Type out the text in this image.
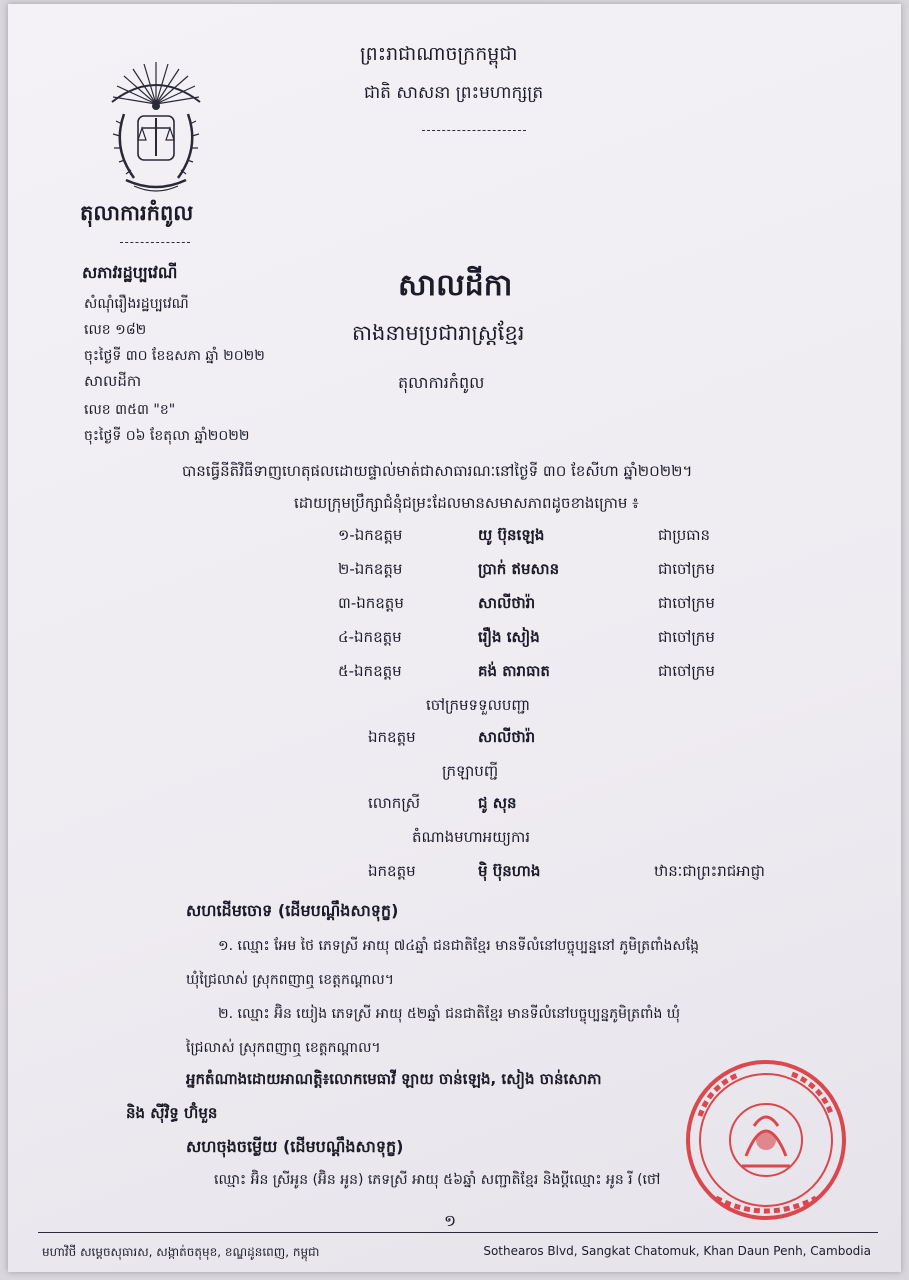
តុលាការកំពូល
ព្រះរាជាណាចក្រកម្ពុជា
ជាតិ សាសនា ព្រះមហាក្សត្រ
សភាវរដ្ឋប្បវេណី
សំណុំរឿងរដ្ឋប្បវេណី
លេខ ១៨២
ចុះថ្ងៃទី ៣០ ខែឧសភា ឆ្នាំ ២០២២
សាលដីកា
លេខ ៣៥៣ "ខ"
ចុះថ្ងៃទី ០៦ ខែតុលា ឆ្នាំ២០២២
សាលដីកា
តាងនាមប្រជារាស្ត្រខ្មែរ
តុលាការកំពូល
បានធ្វើនីតិវិធីទាញហេតុផលដោយផ្ទាល់មាត់ជាសាធារណៈនៅថ្ងៃទី ៣០ ខែសីហា ឆ្នាំ២០២២។
ដោយក្រុមប្រឹក្សាជំនុំជម្រះដែលមានសមាសភាពដូចខាងក្រោម ៖
១-ឯកឧត្តម	យូ ប៊ុនឡេង	ជាប្រធាន
២-ឯកឧត្តម	ប្រាក់ ឥមសាន	ជាចៅក្រម
៣-ឯកឧត្តម	សាលីថារ៉ា	ជាចៅក្រម
៤-ឯកឧត្តម	រឿង សៀង	ជាចៅក្រម
៥-ឯកឧត្តម	គង់ តារាធាត	ជាចៅក្រម
ចៅក្រមទទួលបញ្ជា
ឯកឧត្តម	សាលីថារ៉ា
ក្រឡាបញ្ជី
លោកស្រី	ជូ សុន
តំណាងមហាអយ្យការ
ឯកឧត្តម	ម៉ិ ប៊ុនហាង	ឋានៈជាព្រះរាជអាជ្ញា
សហដើមចោទ (ដើមបណ្តឹងសាទុក្ខ)
១. ឈ្មោះ អែម ថៃ ភេទស្រី អាយុ ៧៤ឆ្នាំ ជនជាតិខ្មែរ មានទីលំនៅបច្ចុប្បន្ននៅ ភូមិត្រពាំងសង្កែ
ឃុំជ្រៃលាស់ ស្រុកពញាឮ ខេត្តកណ្តាល។
២. ឈ្មោះ អ៊ិន យៀង ភេទស្រី អាយុ ៥២ឆ្នាំ ជនជាតិខ្មែរ មានទីលំនៅបច្ចុប្បន្នភូមិត្រពាំង ឃុំ
ជ្រៃលាស់ ស្រុកពញាឮ ខេត្តកណ្តាល។
អ្នកតំណាងដោយអាណត្តិ៖លោកមេធាវី ឡាយ ចាន់ឡេង, សៀង ចាន់សោភា
និង ស៊ីវិទ្ធ ហ៊ំមួន
សហចុងចម្លើយ (ដើមបណ្តឹងសាទុក្ខ)
ឈ្មោះ អ៊ិន ស្រីអូន (អ៊ិន អូន) ភេទស្រី អាយុ ៥៦ឆ្នាំ សញ្ជាតិខ្មែរ និងប្តីឈ្មោះ អូន រី (ថៅ
១
មហាវិថី សម្តេចសុធារស, សង្កាត់ចតុមុខ, ខណ្ឌដូនពេញ, កម្ពុជា	Sothearos Blvd, Sangkat Chatomuk, Khan Daun Penh, Cambodia
